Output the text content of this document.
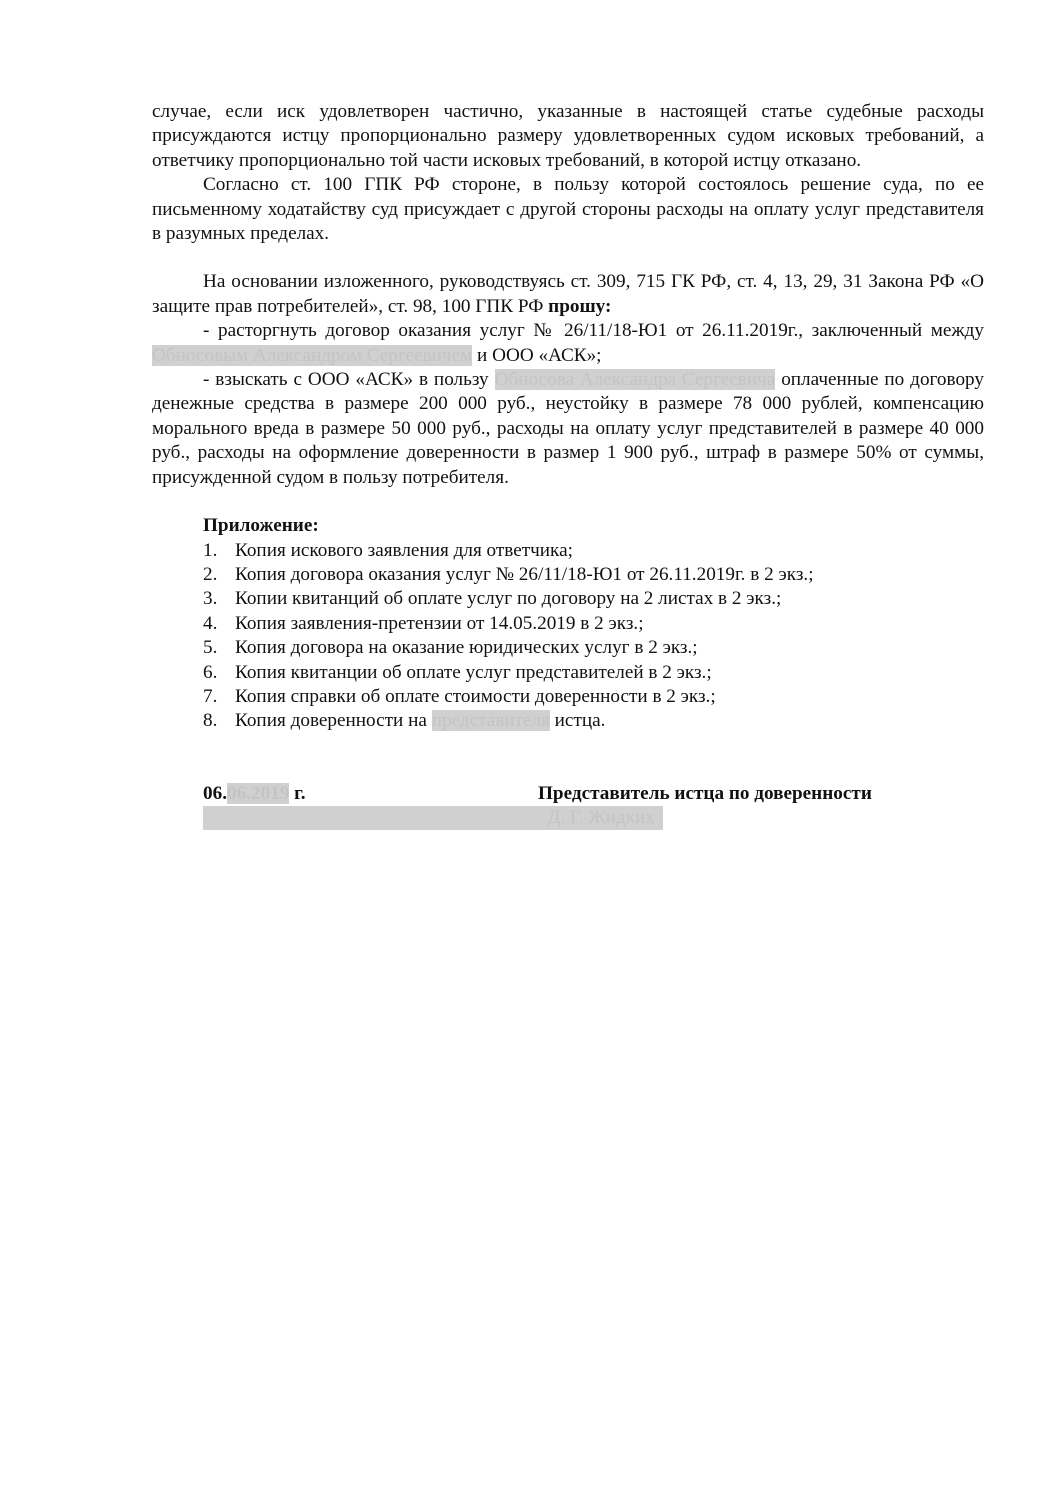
случае, если иск удовлетворен частично, указанные в настоящей статье судебные расходы присуждаются истцу пропорционально размеру удовлетворенных судом исковых требований, а ответчику пропорционально той части исковых требований, в которой истцу отказано.

Согласно ст. 100 ГПК РФ стороне, в пользу которой состоялось решение суда, по ее письменному ходатайству суд присуждает с другой стороны расходы на оплату услуг представителя в разумных пределах.

На основании изложенного, руководствуясь ст. 309, 715 ГК РФ, ст. 4, 13, 29, 31 Закона РФ «О защите прав потребителей», ст. 98, 100 ГПК РФ прошу:

- расторгнуть договор оказания услуг № 26/11/18-Ю1 от 26.11.2019г., заключенный между Обносовым Александром Сергеевичем и ООО «АСК»;

- взыскать с ООО «АСК» в пользу Обносова Александра Сергеевича оплаченные по договору денежные средства в размере 200 000 руб., неустойку в размере 78 000 рублей, компенсацию морального вреда в размере 50 000 руб., расходы на оплату услуг представителей в размере 40 000 руб., расходы на оформление доверенности в размер 1 900 руб., штраф в размере 50% от суммы, присужденной судом в пользу потребителя.

Приложение:

1. Копия искового заявления для ответчика;
2. Копия договора оказания услуг № 26/11/18-Ю1 от 26.11.2019г. в 2 экз.;
3. Копии квитанций об оплате услуг по договору на 2 листах в 2 экз.;
4. Копия заявления-претензии от 14.05.2019 в 2 экз.;
5. Копия договора на оказание юридических услуг в 2 экз.;
6. Копия квитанции об оплате услуг представителей в 2 экз.;
7. Копия справки об оплате стоимости доверенности в 2 экз.;
8. Копия доверенности на представителя истца.
06.06.2019 г.	Представитель истца по доверенности
Д. Г. Жидких
